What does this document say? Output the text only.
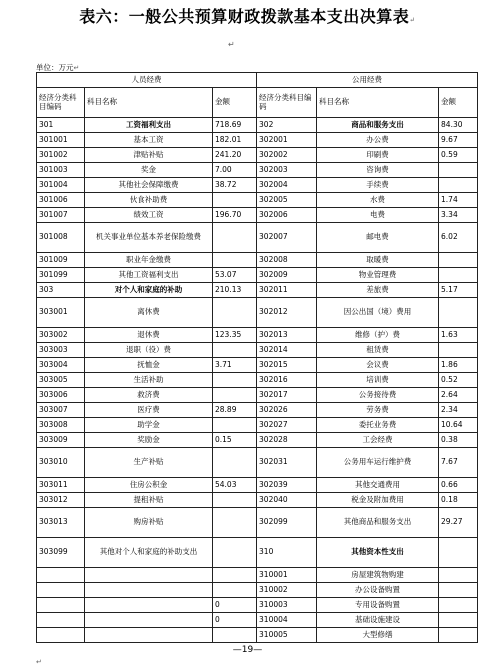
表六：一般公共预算财政拨款基本支出决算表↵
↵
单位：万元↵
人员经费			公用经费		
经济分类科目编码	科目名称	金额	经济分类科目编码	科目名称	金额
301	工资福利支出	718.69	302	商品和服务支出	84.30
301001	基本工资	182.01	302001	办公费	9.67
301002	津贴补贴	241.20	302002	印刷费	0.59
301003	奖金	7.00	302003	咨询费	
301004	其他社会保障缴费	38.72	302004	手续费	
301006	伙食补助费		302005	水费	1.74
301007	绩效工资	196.70	302006	电费	3.34
301008	机关事业单位基本养老保险缴费		302007	邮电费	6.02
301009	职业年金缴费		302008	取暖费	
301099	其他工资福利支出	53.07	302009	物业管理费	
303	对个人和家庭的补助	210.13	302011	差旅费	5.17
303001	离休费		302012	因公出国（境）费用	
303002	退休费	123.35	302013	维修（护）费	1.63
303003	退职（役）费		302014	租赁费	
303004	抚恤金	3.71	302015	会议费	1.86
303005	生活补助		302016	培训费	0.52
303006	救济费		302017	公务接待费	2.64
303007	医疗费	28.89	302026	劳务费	2.34
303008	助学金		302027	委托业务费	10.64
303009	奖励金	0.15	302028	工会经费	0.38
303010	生产补贴		302031	公务用车运行维护费	7.67
303011	住房公积金	54.03	302039	其他交通费用	0.66
303012	提租补贴		302040	税金及附加费用	0.18
303013	购房补贴		302099	其他商品和服务支出	29.27
303099	其他对个人和家庭的补助支出		310	其他资本性支出	
			310001	房屋建筑物购建	
			310002	办公设备购置	
		0	310003	专用设备购置	
		0	310004	基础设施建设	
			310005	大型修缮	
—19—
↵
